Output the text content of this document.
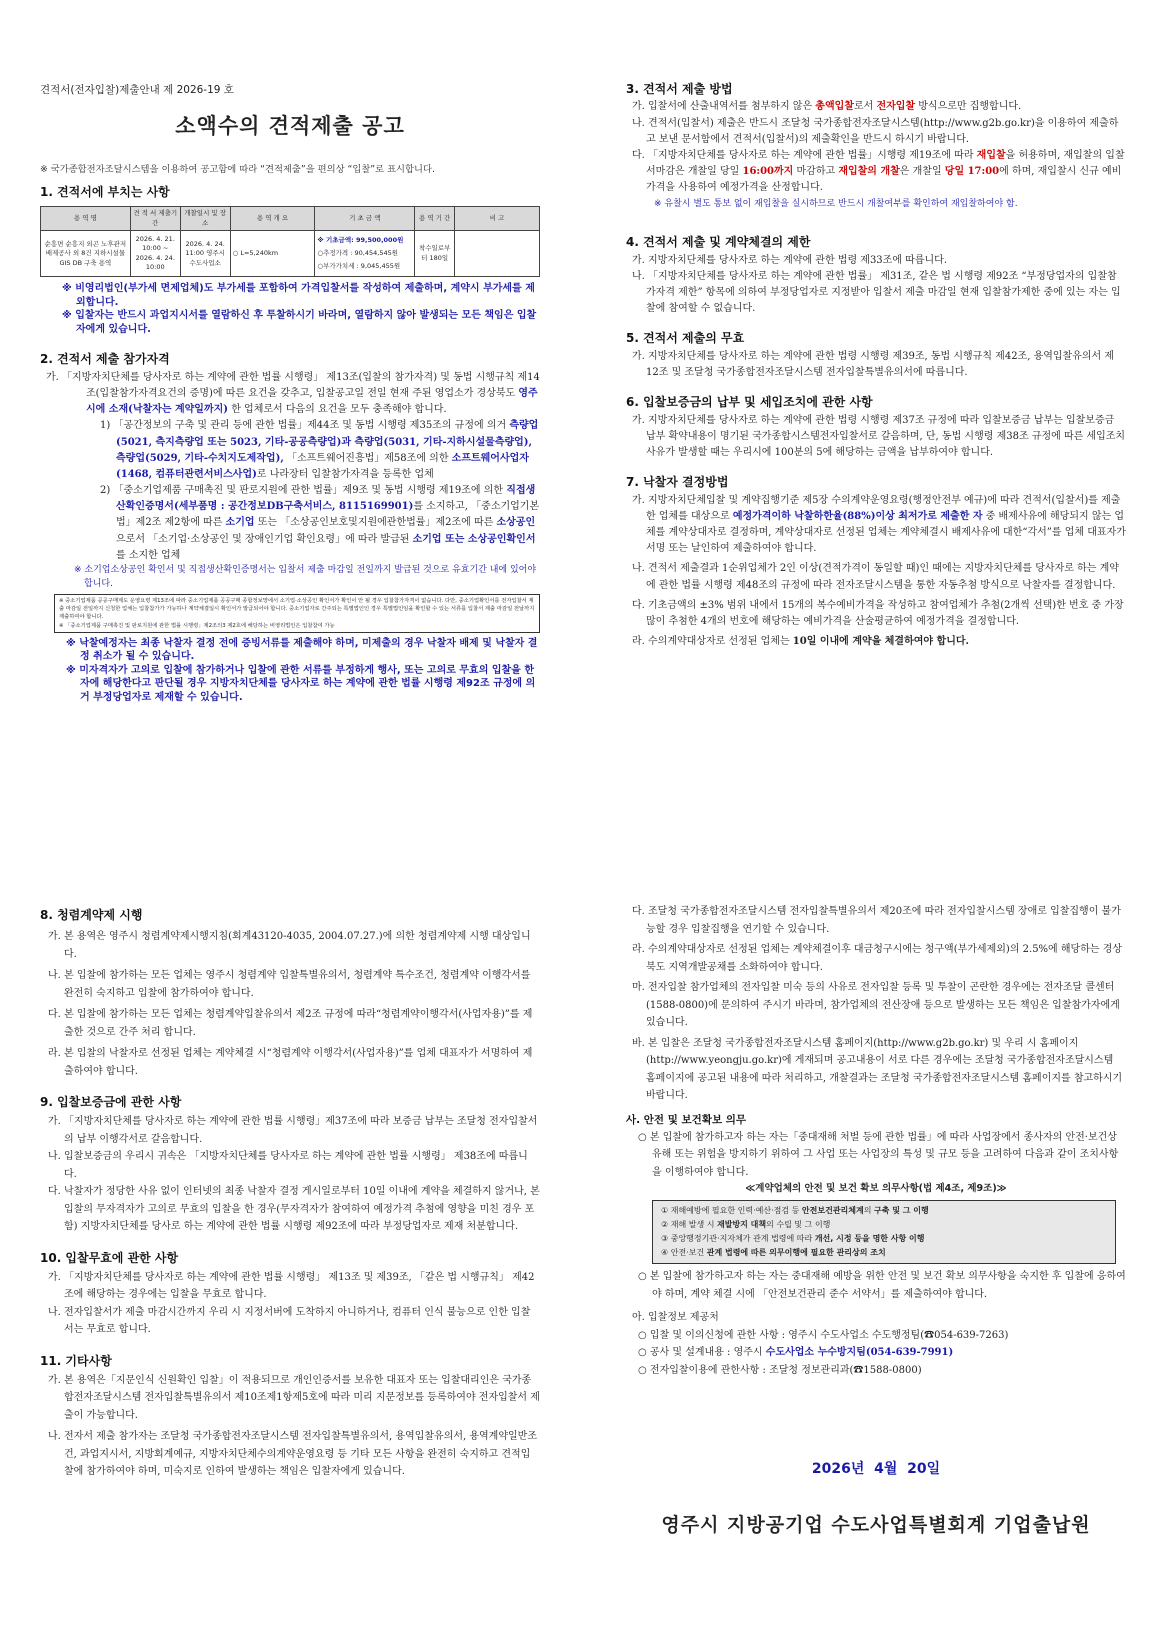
견적서(전자입찰)제출안내 제 2026-19 호
소액수의 견적제출 공고

※ 국가종합전자조달시스템을 이용하여 공고함에 따라 “견적제출”을 편의상 “입찰”로 표시합니다.

1. 견적서에 부치는 사항

용 역 명	견 적 서 제출기간	개찰일시 및 장소	용 역 개 요	기 초 금 액	용 역 기 간	비 고
순흥면 순흥지 외곤 노후관저배제공사 외 8건 지하시설물 GIS DB 구축 용역	2026. 4. 21. 10:00 ~ 2026. 4. 24. 10:00	2026. 4. 24. 11:00 영주시 수도사업소	○ L=5,240km	※ 기초금액: 99,500,000원
○추정가격 : 90,454,545원
○부가가치세 : 9,045,455원	착수일로부터 180일	

※ 비영리법인(부가세 면제업체)도 부가세를 포함하여 가격입찰서를 작성하여 제출하며, 계약시 부가세를 제외합니다.

※ 입찰자는 반드시 과업지시서를 열람하신 후 투찰하시기 바라며, 열람하지 않아 발생되는 모든 책임은 입찰자에게 있습니다.

2. 견적서 제출 참가자격

가. 「지방자치단체를 당사자로 하는 계약에 관한 법률 시행령」 제13조(입찰의 참가자격) 및 동법 시행규칙 제14조(입찰참가자격요건의 증명)에 따른 요건을 갖추고, 입찰공고일 전일 현재 주된 영업소가 경상북도 영주시에 소재(낙찰자는 계약일까지) 한 업체로서 다음의 요건을 모두 충족해야 합니다.

1) 「공간정보의 구축 및 관리 등에 관한 법률」제44조 및 동법 시행령 제35조의 규정에 의거 측량업(5021, 측지측량업 또는 5023, 기타-공공측량업)과 측량업(5031, 기타-지하시설물측량업), 측량업(5029, 기타-수치지도제작업), 「소프트웨어진흥법」제58조에 의한 소프트웨어사업자(1468, 컴퓨터관련서비스사업)로 나라장터 입찰참가자격을 등록한 업체

2) 「중소기업제품 구매촉진 및 판로지원에 관한 법률」제9조 및 동법 시행령 제19조에 의한 직접생산확인증명서(세부품명 : 공간정보DB구축서비스, 8115169901)를 소지하고, 「중소기업기본법」제2조 제2항에 따른 소기업 또는 「소상공인보호및지원에관한법률」제2조에 따른 소상공인으로서 「소기업·소상공인 및 장애인기업 확인요령」에 따라 발급된 소기업 또는 소상공인확인서를 소지한 업체

※ 소기업소상공인 확인서 및 직접생산확인증명서는 입찰서 제출 마감일 전일까지 발급된 것으로 유효기간 내에 있어야 합니다.

※ 중소기업제품 공공구매제도 운영요령 제13조에 따라 중소기업제품 공공구매 종합정보망에서 소기업·소상공인 확인서가 확인이 안 될 경우 입찰참가자격이 없습니다. 다만, 중소기업확인서를 전자입찰서 제출 마감일 전일까지 신청한 업체는 입찰참가가 가능하나 계약체결일시 확인서가 발급되어야 합니다. 중소기업자로 간주되는 특별법인인 경우 특별법인임을 확인할 수 있는 서류를 입찰서 제출 마감일 전날까지 제출하여야 합니다.
※ 「중소기업제품 구매촉진 및 판로지원에 관한 법률 시행령」제2조의3 제2호에 해당하는 비영리법인은 입찰참여 가능

※ 낙찰예정자는 최종 낙찰자 결정 전에 증빙서류를 제출해야 하며, 미제출의 경우 낙찰자 배제 및 낙찰자 결정 취소가 될 수 있습니다.

※ 미자격자가 고의로 입찰에 참가하거나 입찰에 관한 서류를 부정하게 행사, 또는 고의로 무효의 입찰을 한 자에 해당한다고 판단될 경우 지방자치단체를 당사자로 하는 계약에 관한 법률 시행령 제92조 규정에 의거 부정당업자로 제재할 수 있습니다.

3. 견적서 제출 방법

가. 입찰서에 산출내역서를 첨부하지 않은 총액입찰로서 전자입찰 방식으로만 집행합니다.

나. 견적서(입찰서) 제출은 반드시 조달청 국가종합전자조달시스템(http://www.g2b.go.kr)을 이용하여 제출하고 보낸 문서함에서 견적서(입찰서)의 제출확인을 반드시 하시기 바랍니다.

다. 「지방자치단체를 당사자로 하는 계약에 관한 법률」시행령 제19조에 따라 재입찰을 허용하며, 재입찰의 입찰서마감은 개찰일 당일 16:00까지 마감하고 재입찰의 개찰은 개찰일 당일 17:00에 하며, 재입찰시 신규 예비가격을 사용하여 예정가격을 산정합니다.

※ 유찰시 별도 통보 없이 재입찰을 실시하므로 반드시 개찰여부를 확인하여 재입찰하여야 함.

4. 견적서 제출 및 계약체결의 제한

가. 지방자치단체를 당사자로 하는 계약에 관한 법령 제33조에 따릅니다.

나. 「지방자치단체를 당사자로 하는 계약에 관한 법률」 제31조, 같은 법 시행령 제92조 “부정당업자의 입찰참가자격 제한” 항목에 의하여 부정당업자로 지정받아 입찰서 제출 마감일 현재 입찰참가제한 중에 있는 자는 입찰에 참여할 수 없습니다.

5. 견적서 제출의 무효

가. 지방자치단체를 당사자로 하는 계약에 관한 법령 시행령 제39조, 동법 시행규칙 제42조, 용역입찰유의서 제12조 및 조달청 국가종합전자조달시스템 전자입찰특별유의서에 따릅니다.

6. 입찰보증금의 납부 및 세입조치에 관한 사항

가. 지방자치단체를 당사자로 하는 계약에 관한 법령 시행령 제37조 규정에 따라 입찰보증금 납부는 입찰보증금 납부 확약내용이 명기된 국가종합시스템전자입찰서로 갈음하며, 단, 동법 시행령 제38조 규정에 따른 세입조치사유가 발생할 때는 우리시에 100분의 5에 해당하는 금액을 납부하여야 합니다.

7. 낙찰자 결정방법

가. 지방자치단체입찰 및 계약집행기준 제5장 수의계약운영요령(행정안전부 예규)에 따라 견적서(입찰서)를 제출한 업체를 대상으로 예정가격이하 낙찰하한율(88%)이상 최저가로 제출한 자 중 배제사유에 해당되지 않는 업체를 계약상대자로 결정하며, 계약상대자로 선정된 업체는 계약체결시 배제사유에 대한“각서”를 업체 대표자가 서명 또는 날인하여 제출하여야 합니다.

나. 견적서 제출결과 1순위업체가 2인 이상(견적가격이 동일할 때)인 때에는 지방자치단체를 당사자로 하는 계약에 관한 법률 시행령 제48조의 규정에 따라 전자조달시스템을 통한 자동추첨 방식으로 낙찰자를 결정합니다.

다. 기초금액의 ±3% 범위 내에서 15개의 복수예비가격을 작성하고 참여업체가 추첨(2개씩 선택)한 번호 중 가장 많이 추첨한 4개의 번호에 해당하는 예비가격을 산술평균하여 예정가격을 결정합니다.

라. 수의계약대상자로 선정된 업체는 10일 이내에 계약을 체결하여야 합니다.

8. 청렴계약제 시행

가. 본 용역은 영주시 청렴계약제시행지침(회계43120-4035, 2004.07.27.)에 의한 청렴계약제 시행 대상입니다.

나. 본 입찰에 참가하는 모든 업체는 영주시 청렴계약 입찰특별유의서, 청렴계약 특수조건, 청렴계약 이행각서를 완전히 숙지하고 입찰에 참가하여야 합니다.

다. 본 입찰에 참가하는 모든 업체는 청렴계약입찰유의서 제2조 규정에 따라“청렴계약이행각서(사업자용)”를 제출한 것으로 간주 처리 합니다.

라. 본 입찰의 낙찰자로 선정된 업체는 계약체결 시“청렴계약 이행각서(사업자용)”를 업체 대표자가 서명하여 제출하여야 합니다.

9. 입찰보증금에 관한 사항

가. 「지방자치단체를 당사자로 하는 계약에 관한 법률 시행령」제37조에 따라 보증금 납부는 조달청 전자입찰서의 납부 이행각서로 갈음합니다.

나. 입찰보증금의 우리시 귀속은 「지방자치단체를 당사자로 하는 계약에 관한 법률 시행령」 제38조에 따릅니다.

다. 낙찰자가 정당한 사유 없이 인터넷의 최종 낙찰자 결정 게시일로부터 10일 이내에 계약을 체결하지 않거나, 본 입찰의 무자격자가 고의로 무효의 입찰을 한 경우(무자격자가 참여하여 예정가격 추첨에 영향을 미친 경우 포함) 지방자치단체를 당사로 하는 계약에 관한 법률 시행령 제92조에 따라 부정당업자로 제재 처분합니다.

10. 입찰무효에 관한 사항

가. 「지방자치단체를 당사자로 하는 계약에 관한 법률 시행령」 제13조 및 제39조, 「같은 법 시행규칙」 제42조에 해당하는 경우에는 입찰을 무효로 합니다.

나. 전자입찰서가 제출 마감시간까지 우리 시 지정서버에 도착하지 아니하거나, 컴퓨터 인식 불능으로 인한 입찰서는 무효로 합니다.

11. 기타사항

가. 본 용역은「지문인식 신원확인 입찰」이 적용되므로 개인인증서를 보유한 대표자 또는 입찰대리인은 국가종합전자조달시스템 전자입찰특별유의서 제10조제1항제5호에 따라 미리 지문정보를 등록하여야 전자입찰서 제출이 가능합니다.

나. 전자서 제출 참가자는 조달청 국가종합전자조달시스템 전자입찰특별유의서, 용역입찰유의서, 용역계약일반조건, 과업지시서, 지방회계예규, 지방자치단체수의계약운영요령 등 기타 모든 사항을 완전히 숙지하고 견적입찰에 참가하여야 하며, 미숙지로 인하여 발생하는 책임은 입찰자에게 있습니다.

다. 조달청 국가종합전자조달시스템 전자입찰특별유의서 제20조에 따라 전자입찰시스템 장애로 입찰집행이 불가능할 경우 입찰집행을 연기할 수 있습니다.

라. 수의계약대상자로 선정된 업체는 계약체결이후 대금청구시에는 청구액(부가세제외)의 2.5%에 해당하는 경상북도 지역개발공채를 소화하여야 합니다.

마. 전자입찰 참가업체의 전자입찰 미숙 등의 사유로 전자입찰 등록 및 투찰이 곤란한 경우에는 전자조달 콜센터(1588-0800)에 문의하여 주시기 바라며, 참가업체의 전산장애 등으로 발생하는 모든 책임은 입찰참가자에게 있습니다.

바. 본 입찰은 조달청 국가종합전자조달시스템 홈페이지(http://www.g2b.go.kr) 및 우리 시 홈페이지(http://www.yeongju.go.kr)에 게재되며 공고내용이 서로 다른 경우에는 조달청 국가종합전자조달시스템 홈페이지에 공고된 내용에 따라 처리하고, 개찰결과는 조달청 국가종합전자조달시스템 홈페이지를 참고하시기 바랍니다.

사. 안전 및 보건확보 의무

○ 본 입찰에 참가하고자 하는 자는「중대재해 처벌 등에 관한 법률」에 따라 사업장에서 종사자의 안전·보건상 유해 또는 위험을 방지하기 위하여 그 사업 또는 사업장의 특성 및 규모 등을 고려하여 다음과 같이 조치사항을 이행하여야 합니다.

≪계약업체의 안전 및 보건 확보 의무사항(법 제4조, 제9조)≫
① 재해예방에 필요한 인력·예산·점검 등 안전보건관리체계의 구축 및 그 이행
② 재해 발생 시 재발방지 대책의 수립 및 그 이행
③ 중앙행정기관·지자체가 관계 법령에 따라 개선, 시정 등을 명한 사항 이행
④ 안전·보건 관계 법령에 따른 의무이행에 필요한 관리상의 조치

○ 본 입찰에 참가하고자 하는 자는 중대재해 예방을 위한 안전 및 보건 확보 의무사항을 숙지한 후 입찰에 응하여야 하며, 계약 체결 시에 「안전보건관리 준수 서약서」를 제출하여야 합니다.

아. 입찰정보 제공처

○ 입찰 및 이의신청에 관한 사항 : 영주시 수도사업소 수도행정팀(☎054-639-7263)

○ 공사 및 설계내용 : 영주시 수도사업소 누수방지팀(054-639-7991)

○ 전자입찰이용에 관한사항 : 조달청 정보관리과(☎1588-0800)

2026년  4월  20일
영주시 지방공기업 수도사업특별회계 기업출납원
